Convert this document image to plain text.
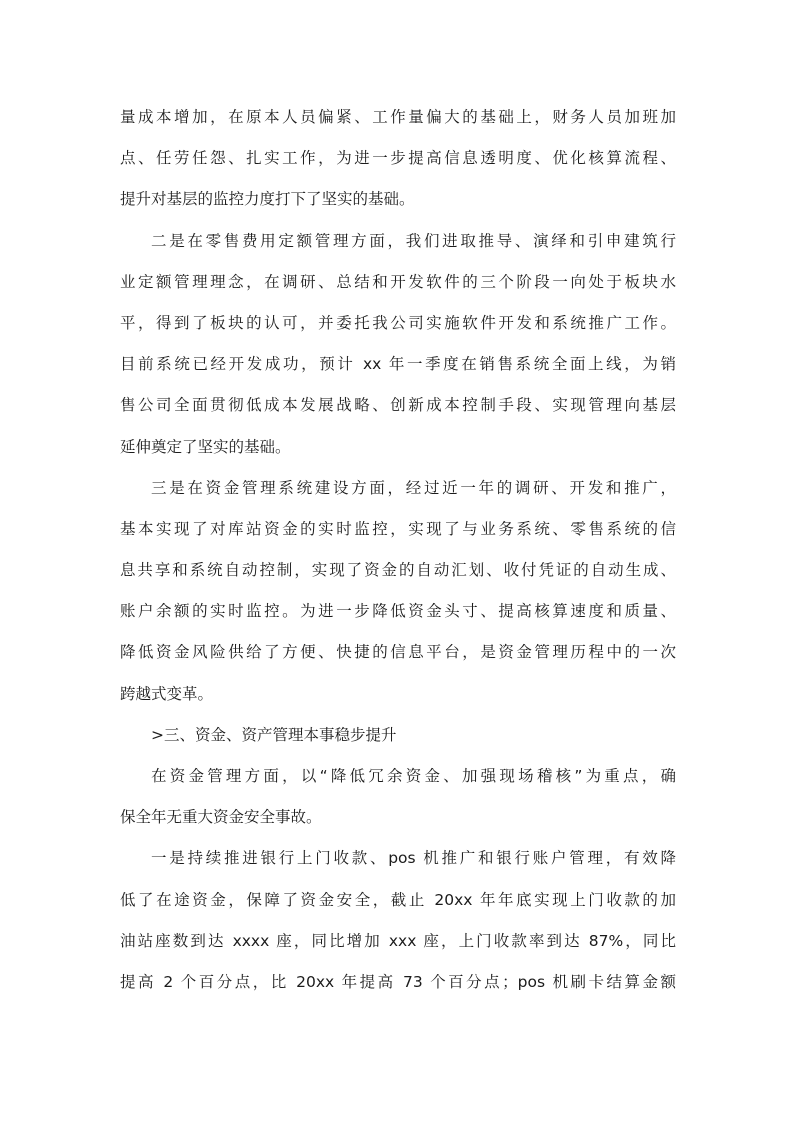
量成本增加，在原本人员偏紧、工作量偏大的基础上，财务人员加班加
点、任劳任怨、扎实工作，为进一步提高信息透明度、优化核算流程、
提升对基层的监控力度打下了坚实的基础。
二是在零售费用定额管理方面，我们进取推导、演绎和引申建筑行
业定额管理理念，在调研、总结和开发软件的三个阶段一向处于板块水
平，得到了板块的认可，并委托我公司实施软件开发和系统推广工作。
目前系统已经开发成功，预计 xx 年一季度在销售系统全面上线，为销
售公司全面贯彻低成本发展战略、创新成本控制手段、实现管理向基层
延伸奠定了坚实的基础。
三是在资金管理系统建设方面，经过近一年的调研、开发和推广，
基本实现了对库站资金的实时监控，实现了与业务系统、零售系统的信
息共享和系统自动控制，实现了资金的自动汇划、收付凭证的自动生成、
账户余额的实时监控。为进一步降低资金头寸、提高核算速度和质量、
降低资金风险供给了方便、快捷的信息平台，是资金管理历程中的一次
跨越式变革。
>三、资金、资产管理本事稳步提升
在资金管理方面，以“降低冗余资金、加强现场稽核”为重点，确
保全年无重大资金安全事故。
一是持续推进银行上门收款、pos 机推广和银行账户管理，有效降
低了在途资金，保障了资金安全，截止 20xx 年年底实现上门收款的加
油站座数到达 xxxx 座，同比增加 xxx 座，上门收款率到达 87%，同比
提高 2 个百分点，比 20xx 年提高 73 个百分点；pos 机刷卡结算金额
